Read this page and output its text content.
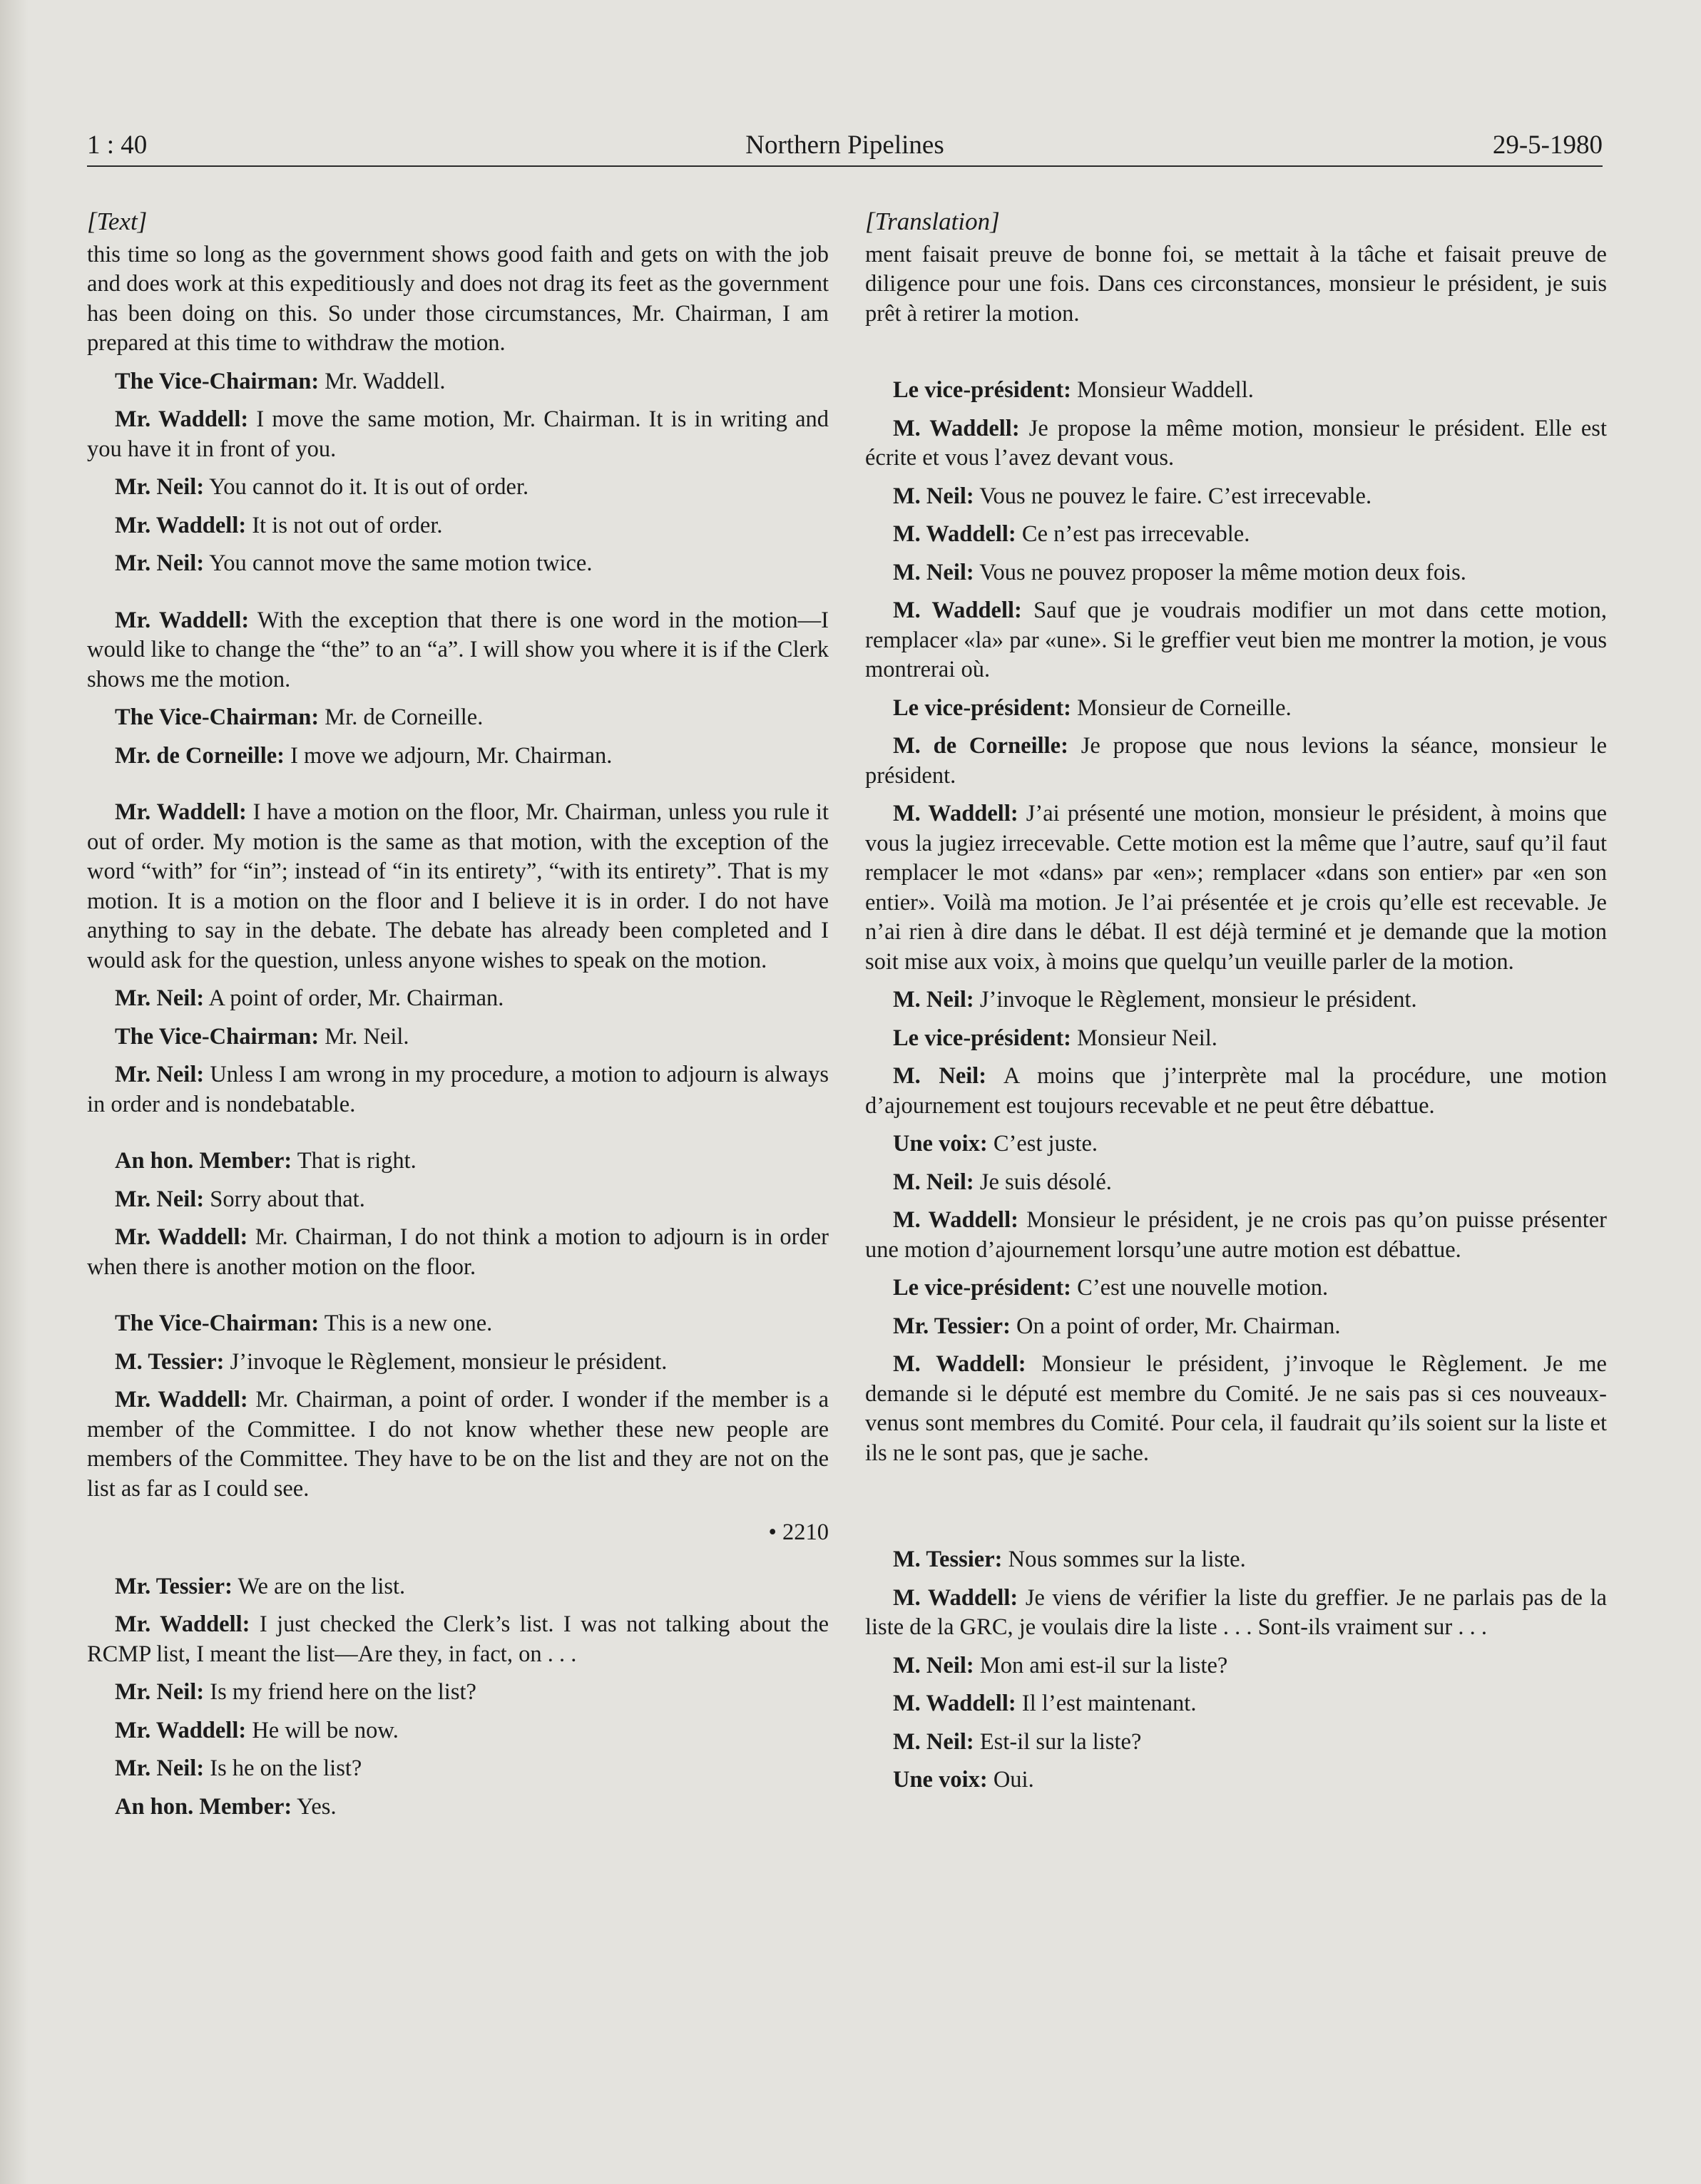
1 : 40	Northern Pipelines	29-5-1980
[Text]

this time so long as the government shows good faith and gets on with the job and does work at this expeditiously and does not drag its feet as the government has been doing on this. So under those circumstances, Mr. Chairman, I am prepared at this time to withdraw the motion.

The Vice-Chairman: Mr. Waddell.

Mr. Waddell: I move the same motion, Mr. Chairman. It is in writing and you have it in front of you.

Mr. Neil: You cannot do it. It is out of order.

Mr. Waddell: It is not out of order.

Mr. Neil: You cannot move the same motion twice.

Mr. Waddell: With the exception that there is one word in the motion—I would like to change the “the” to an “a”. I will show you where it is if the Clerk shows me the motion.

The Vice-Chairman: Mr. de Corneille.

Mr. de Corneille: I move we adjourn, Mr. Chairman.

Mr. Waddell: I have a motion on the floor, Mr. Chairman, unless you rule it out of order. My motion is the same as that motion, with the exception of the word “with” for “in”; instead of “in its entirety”, “with its entirety”. That is my motion. It is a motion on the floor and I believe it is in order. I do not have anything to say in the debate. The debate has already been completed and I would ask for the question, unless anyone wishes to speak on the motion.

Mr. Neil: A point of order, Mr. Chairman.

The Vice-Chairman: Mr. Neil.

Mr. Neil: Unless I am wrong in my procedure, a motion to adjourn is always in order and is nondebatable.

An hon. Member: That is right.

Mr. Neil: Sorry about that.

Mr. Waddell: Mr. Chairman, I do not think a motion to adjourn is in order when there is another motion on the floor.

The Vice-Chairman: This is a new one.

M. Tessier: J’invoque le Règlement, monsieur le président.

Mr. Waddell: Mr. Chairman, a point of order. I wonder if the member is a member of the Committee. I do not know whether these new people are members of the Committee. They have to be on the list and they are not on the list as far as I could see.

• 2210

Mr. Tessier: We are on the list.

Mr. Waddell: I just checked the Clerk’s list. I was not talking about the RCMP list, I meant the list—Are they, in fact, on . . .

Mr. Neil: Is my friend here on the list?

Mr. Waddell: He will be now.

Mr. Neil: Is he on the list?

An hon. Member: Yes.

[Translation]

ment faisait preuve de bonne foi, se mettait à la tâche et faisait preuve de diligence pour une fois. Dans ces circonstances, monsieur le président, je suis prêt à retirer la motion.

Le vice-président: Monsieur Waddell.

M. Waddell: Je propose la même motion, monsieur le président. Elle est écrite et vous l’avez devant vous.

M. Neil: Vous ne pouvez le faire. C’est irrecevable.

M. Waddell: Ce n’est pas irrecevable.

M. Neil: Vous ne pouvez proposer la même motion deux fois.

M. Waddell: Sauf que je voudrais modifier un mot dans cette motion, remplacer «la» par «une». Si le greffier veut bien me montrer la motion, je vous montrerai où.

Le vice-président: Monsieur de Corneille.

M. de Corneille: Je propose que nous levions la séance, monsieur le président.

M. Waddell: J’ai présenté une motion, monsieur le président, à moins que vous la jugiez irrecevable. Cette motion est la même que l’autre, sauf qu’il faut remplacer le mot «dans» par «en»; remplacer «dans son entier» par «en son entier». Voilà ma motion. Je l’ai présentée et je crois qu’elle est recevable. Je n’ai rien à dire dans le débat. Il est déjà terminé et je demande que la motion soit mise aux voix, à moins que quelqu’un veuille parler de la motion.

M. Neil: J’invoque le Règlement, monsieur le président.

Le vice-président: Monsieur Neil.

M. Neil: A moins que j’interprète mal la procédure, une motion d’ajournement est toujours recevable et ne peut être débattue.

Une voix: C’est juste.

M. Neil: Je suis désolé.

M. Waddell: Monsieur le président, je ne crois pas qu’on puisse présenter une motion d’ajournement lorsqu’une autre motion est débattue.

Le vice-président: C’est une nouvelle motion.

Mr. Tessier: On a point of order, Mr. Chairman.

M. Waddell: Monsieur le président, j’invoque le Règlement. Je me demande si le député est membre du Comité. Je ne sais pas si ces nouveaux-venus sont membres du Comité. Pour cela, il faudrait qu’ils soient sur la liste et ils ne le sont pas, que je sache.

M. Tessier: Nous sommes sur la liste.

M. Waddell: Je viens de vérifier la liste du greffier. Je ne parlais pas de la liste de la GRC, je voulais dire la liste . . . Sont-ils vraiment sur . . .

M. Neil: Mon ami est-il sur la liste?

M. Waddell: Il l’est maintenant.

M. Neil: Est-il sur la liste?

Une voix: Oui.
